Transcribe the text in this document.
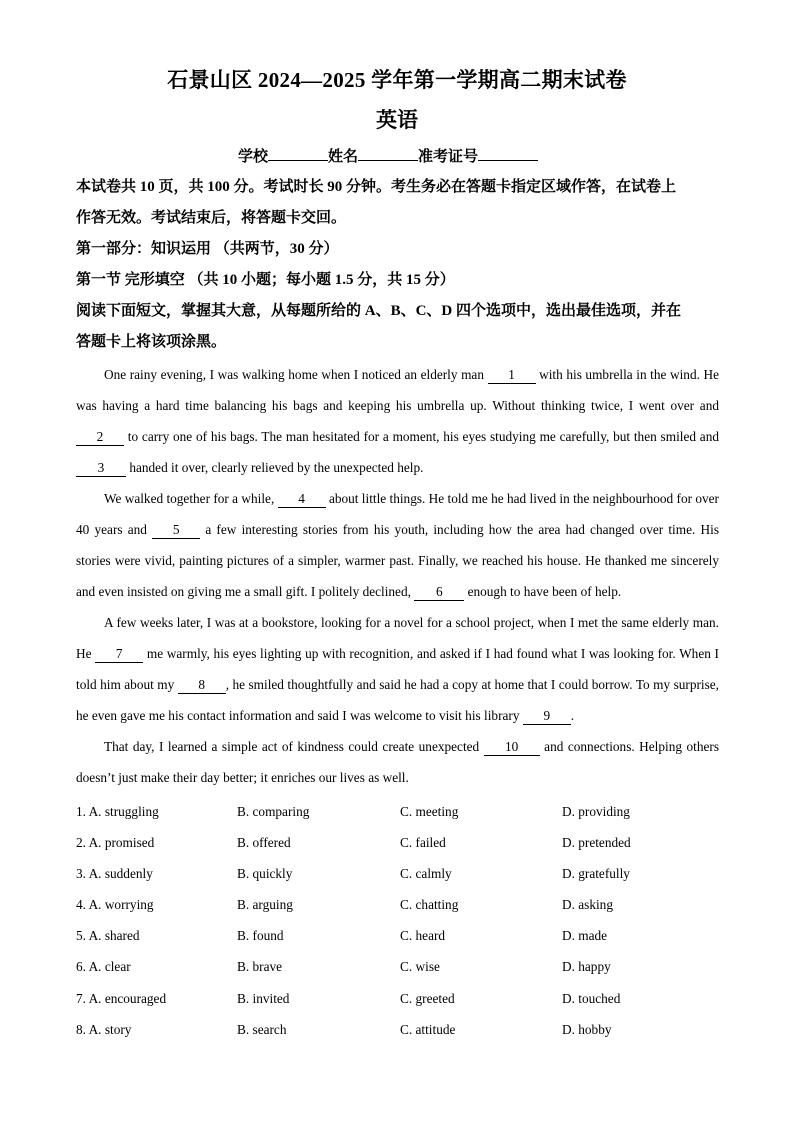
石景山区 2024—2025 学年第一学期高二期末试卷
英语
学校	姓名	准考证号

本试卷共 10 页，共 100 分。考试时长 90 分钟。考生务必在答题卡指定区域作答，在试卷上

作答无效。考试结束后，将答题卡交回。

第一部分：知识运用 （共两节，30 分）

第一节 完形填空 （共 10 小题；每小题 1.5 分，共 15 分）

阅读下面短文，掌握其大意，从每题所给的 A、B、C、D 四个选项中，选出最佳选项，并在

答题卡上将该项涂黑。

One rainy evening, I was walking home when I noticed an elderly man 1 with his umbrella in the wind. He was having a hard time balancing his bags and keeping his umbrella up. Without thinking twice, I went over and 2 to carry one of his bags. The man hesitated for a moment, his eyes studying me carefully, but then smiled and 3 handed it over, clearly relieved by the unexpected help.

We walked together for a while, 4 about little things. He told me he had lived in the neighbourhood for over 40 years and 5 a few interesting stories from his youth, including how the area had changed over time. His stories were vivid, painting pictures of a simpler, warmer past. Finally, we reached his house. He thanked me sincerely and even insisted on giving me a small gift. I politely declined, 6 enough to have been of help.

A few weeks later, I was at a bookstore, looking for a novel for a school project, when I met the same elderly man. He 7 me warmly, his eyes lighting up with recognition, and asked if I had found what I was looking for. When I told him about my 8 , he smiled thoughtfully and said he had a copy at home that I could borrow. To my surprise, he even gave me his contact information and said I was welcome to visit his library 9 .

That day, I learned a simple act of kindness could create unexpected 10 and connections. Helping others doesn’t just make their day better; it enriches our lives as well.

1. A. struggling	B. comparing	C. meeting	D. providing
2. A. promised	B. offered	C. failed	D. pretended
3. A. suddenly	B. quickly	C. calmly	D. gratefully
4. A. worrying	B. arguing	C. chatting	D. asking
5. A. shared	B. found	C. heard	D. made
6. A. clear	B. brave	C. wise	D. happy
7. A. encouraged	B. invited	C. greeted	D. touched
8. A. story	B. search	C. attitude	D. hobby
